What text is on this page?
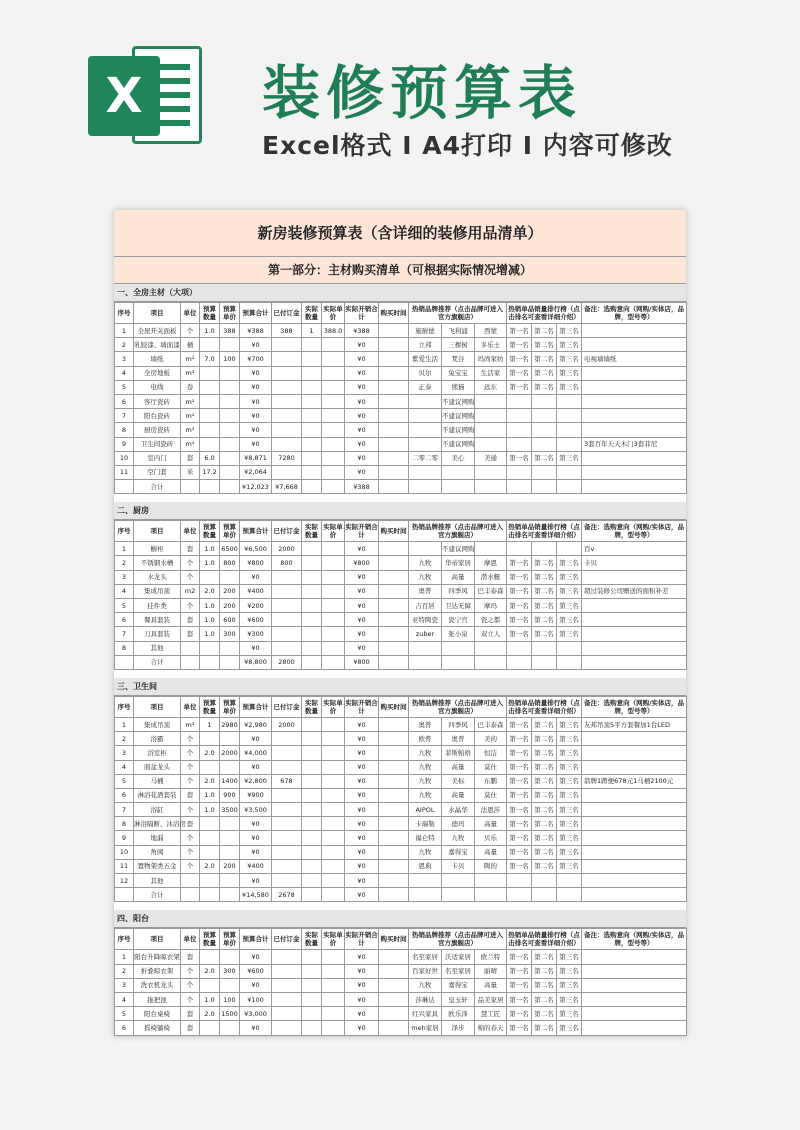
X	装修预算表
Excel格式 I A4打印 I 内容可修改
新房装修预算表（含详细的装修用品清单）
第一部分：主材购买清单（可根据实际情况增减）
一、全房主材（大项）
序号	项目	单位	预算数量	预算单价	预算合计	已付订金	实际数量	实际单价	实际开销合计	购买时间	热销品牌推荐（点击品牌可进入官方旗舰店）			热销单品销量排行榜（点击排名可查看详细介绍）			备注：选购意向（网购/实体店，品牌，型号等）
1	全屋开关面板	个	1.0	388	¥388	388	1	388.0	¥388		施耐德	飞利浦	西蒙	第一名	第二名	第三名	
2	乳胶漆、墙面漆	桶			¥0				¥0		立邦	三棵树	多乐士	第一名	第二名	第三名	
3	墙纸	m²	7.0	100	¥700				¥0		紫爱生活	梵谷	玛尚家纺	第一名	第二名	第三名	电视墙墙纸
4	全房地板	m²			¥0				¥0		贝尔	兔宝宝	生活家	第一名	第二名	第三名	
5	电线	卷			¥0				¥0		正泰	熊猫	远东	第一名	第二名	第三名	
6	客厅瓷砖	m²			¥0				¥0			不建议网购					
7	阳台瓷砖	m²			¥0				¥0			不建议网购					
8	厨房瓷砖	m²			¥0				¥0			不建议网购					
9	卫生间瓷砖	m²			¥0				¥0			不建议网购					3套百年天天木门3套菲尼
10	室内门	套	6.0		¥8,871	7280			¥0		二零二零	美心	美通	第一名	第二名	第三名	
11	空门套	米	17.2		¥2,064				¥0								
	合计				¥12,023	¥7,668			¥388								
二、厨房
序号	项目	单位	预算数量	预算单价	预算合计	已付订金	实际数量	实际单价	实际开销合计	购买时间	热销品牌推荐（点击品牌可进入官方旗舰店）			热销单品销量排行榜（点击排名可查看详细介绍）			备注：选购意向（网购/实体店，品牌，型号等）
1	橱柜	套	1.0	6500	¥6,500	2000			¥0			不建议网购					百v
2	不锈钢水槽	个	1.0	800	¥800	800			¥800		九牧	华帝家居	摩恩	第一名	第二名	第三名	卡贝
3	水龙头	个			¥0				¥0		九牧	高量	潜水艇	第一名	第二名	第三名	
4	集成吊顶	m2	2.0	200	¥400				¥0		奥普	四季风	巴丰泰森	第一名	第二名	第三名	超过装修公司赠送的面积补差
5	挂件类	个	1.0	200	¥200				¥0		吉百居	卫达无障	摩玛	第一名	第二名	第三名	
6	餐具套装	套	1.0	600	¥600				¥0		亚特陶瓷	瓷宁宫	瓷之都	第一名	第二名	第三名	
7	刀具套装	套	1.0	300	¥300				¥0		zuber	张小泉	双立人	第一名	第二名	第三名	
8	其他				¥0				¥0								
	合计				¥8,800	2800			¥800								
三、卫生间
序号	项目	单位	预算数量	预算单价	预算合计	已付订金	实际数量	实际单价	实际开销合计	购买时间	热销品牌推荐（点击品牌可进入官方旗舰店）			热销单品销量排行榜（点击排名可查看详细介绍）			备注：选购意向（网购/实体店，品牌，型号等）
1	集成吊顶	m²	1	2980	¥2,980	2000			¥0		奥普	四季风	巴丰泰森	第一名	第二名	第三名	友邦吊顶5平方套餐加1台LED
2	浴霸	个			¥0				¥0		欧普	奥普	美的	第一名	第二名	第三名	
3	浴室柜	个	2.0	2000	¥4,000				¥0		九牧	菲斯帕格	恒洁	第一名	第二名	第三名	
4	面盆龙头	个			¥0				¥0		九牧	高量	莫仕	第一名	第二名	第三名	
5	马桶	个	2.0	1400	¥2,800	678			¥0		九牧	美标	东鹏	第一名	第二名	第三名	箭牌1蹲便678元1马桶2100元
6	淋浴花洒套装	套	1.0	900	¥900				¥0		九牧	高量	莫仕	第一名	第二名	第三名	
7	浴缸	个	1.0	3500	¥3,500				¥0		AIPOL	水晶华	法恩莎	第一名	第二名	第三名	
8	淋浴隔断、沐浴房	套			¥0				¥0		卡瑞勒	德玛	高量	第一名	第二名	第三名	
9	地漏	个			¥0				¥0		福仑特	九牧	贝乐	第一名	第二名	第三名	
10	角阀	个			¥0				¥0		九牧	嘉得宝	高量	第一名	第二名	第三名	
11	置物架类五金	个	2.0	200	¥400				¥0		恩典	卡贝	陶的	第一名	第二名	第三名	
12	其他				¥0				¥0								
	合计				¥14,580	2678			¥0								
四、阳台
序号	项目	单位	预算数量	预算单价	预算合计	已付订金	实际数量	实际单价	实际开销合计	购买时间	热销品牌推荐（点击品牌可进入官方旗舰店）			热销单品销量排行榜（点击排名可查看详细介绍）			备注：选购意向（网购/实体店，品牌，型号等）
1	阳台升降晾衣架	套			¥0				¥0		名至家居	沃适家居	欧兰特	第一名	第二名	第三名	
2	折叠晾衣架	个	2.0	300	¥600				¥0		百家好世	名至家居	丽晴	第一名	第二名	第三名	
3	洗衣机龙头	个			¥0				¥0		九牧	嘉得宝	高量	第一名	第二名	第三名	
4	拖把池	个	1.0	100	¥100				¥0		莎琳达	皇玉轩	品美家居	第一名	第二名	第三名	
5	阳台桌椅	套	2.0	1500	¥3,000				¥0		红兴家具	欧乐泽	慧工匠	第一名	第二名	第三名	
6	摇椅躺椅	套			¥0				¥0		meh家居	泽步	棉的春天	第一名	第二名	第三名	
